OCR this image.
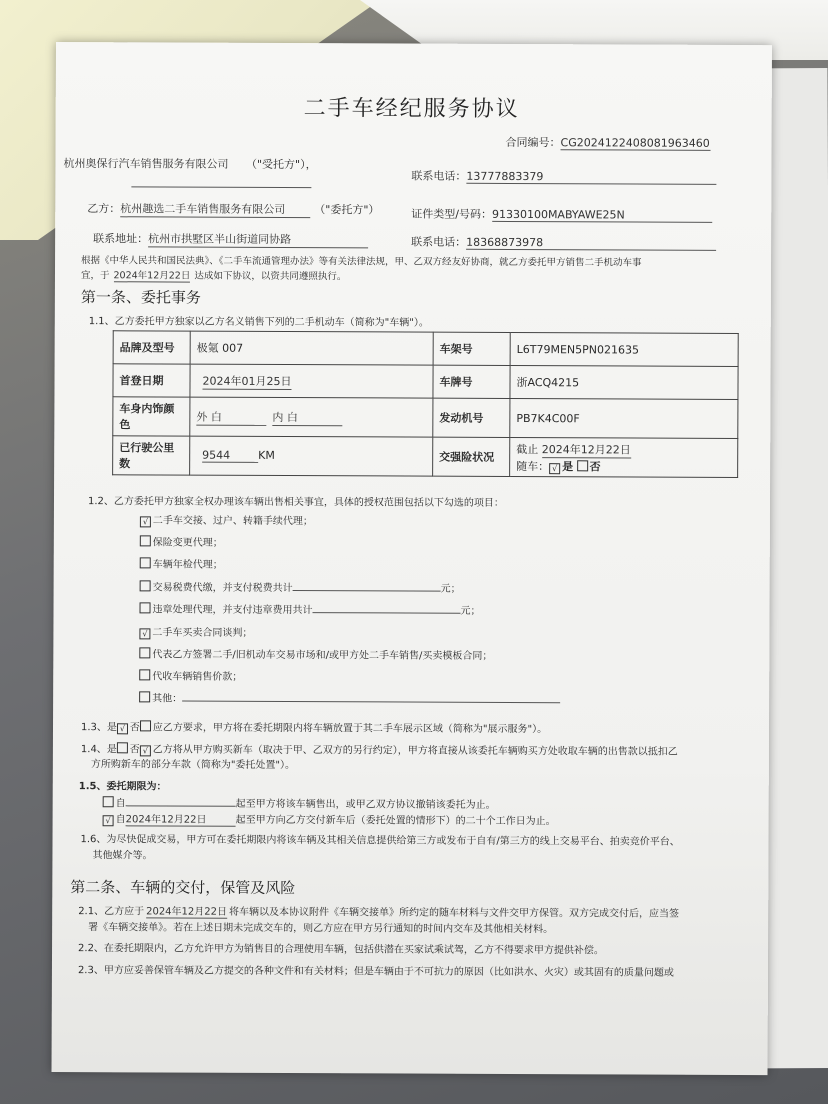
二手车经纪服务协议
合同编号：CG2024122408081963460
杭州奥保行汽车销售服务有限公司 （"受托方"），
联系电话：13777883379
乙方：杭州趣选二手车销售服务有限公司	（"委托方"）	证件类型/号码：91330100MABYAWE25N
联系地址：杭州市拱墅区半山街道同协路	联系电话：18368873978
根据《中华人民共和国民法典》、《二手车流通管理办法》等有关法律法规，甲、乙双方经友好协商，就乙方委托甲方销售二手机动车事
宜，于 2024年12月22日 达成如下协议，以资共同遵照执行。
第一条、委托事务
1.1、乙方委托甲方独家以乙方名义销售下列的二手机动车（简称为"车辆"）。
品牌及型号	极氪 007	车架号	L6T79MEN5PN021635
首登日期	2024年01月25日	车牌号	浙ACQ4215
车身内饰颜色	外 白 内 白	发动机号	PB7K4C00F
已行驶公里数	9544 KM	交强险状况	截止 2024年12月22日
随车： √ 是 否
1.2、乙方委托甲方独家全权办理该车辆出售相关事宜，具体的授权范围包括以下勾选的项目：
√ 二手车交接、过户、转籍手续代理；
保险变更代理；
车辆年检代理；
交易税费代缴，并支付税费共计	元；
违章处理代理，并支付违章费用共计	元；
√ 二手车买卖合同谈判；
代表乙方签署二手/旧机动车交易市场和/或甲方处二手车销售/买卖模板合同；
代收车辆销售价款；
其他：
1.3、是 √ 否 应乙方要求，甲方将在委托期限内将车辆放置于其二手车展示区域（简称为"展示服务"）。
1.4、是 否 √ 乙方将从甲方购买新车（取决于甲、乙双方的另行约定），甲方将直接从该委托车辆购买方处收取车辆的出售款以抵扣乙
方所购新车的部分车款（简称为"委托处置"）。
1.5、委托期限为：
自	起至甲方将该车辆售出，或甲乙双方协议撤销该委托为止。
√ 自2024年12月22日	起至甲方向乙方交付新车后（委托处置的情形下）的二十个工作日为止。
1.6、为尽快促成交易，甲方可在委托期限内将该车辆及其相关信息提供给第三方或发布于自有/第三方的线上交易平台、拍卖竞价平台、
其他媒介等。
第二条、车辆的交付，保管及风险
2.1、乙方应于 2024年12月22日 将车辆以及本协议附件《车辆交接单》所约定的随车材料与文件交甲方保管。双方完成交付后，应当签
署《车辆交接单》。若在上述日期未完成交车的，则乙方应在甲方另行通知的时间内交车及其他相关材料。
2.2、在委托期限内，乙方允许甲方为销售目的合理使用车辆，包括供潜在买家试乘试驾，乙方不得要求甲方提供补偿。
2.3、甲方应妥善保管车辆及乙方提交的各种文件和有关材料；但是车辆由于不可抗力的原因（比如洪水、火灾）或其固有的质量问题或
